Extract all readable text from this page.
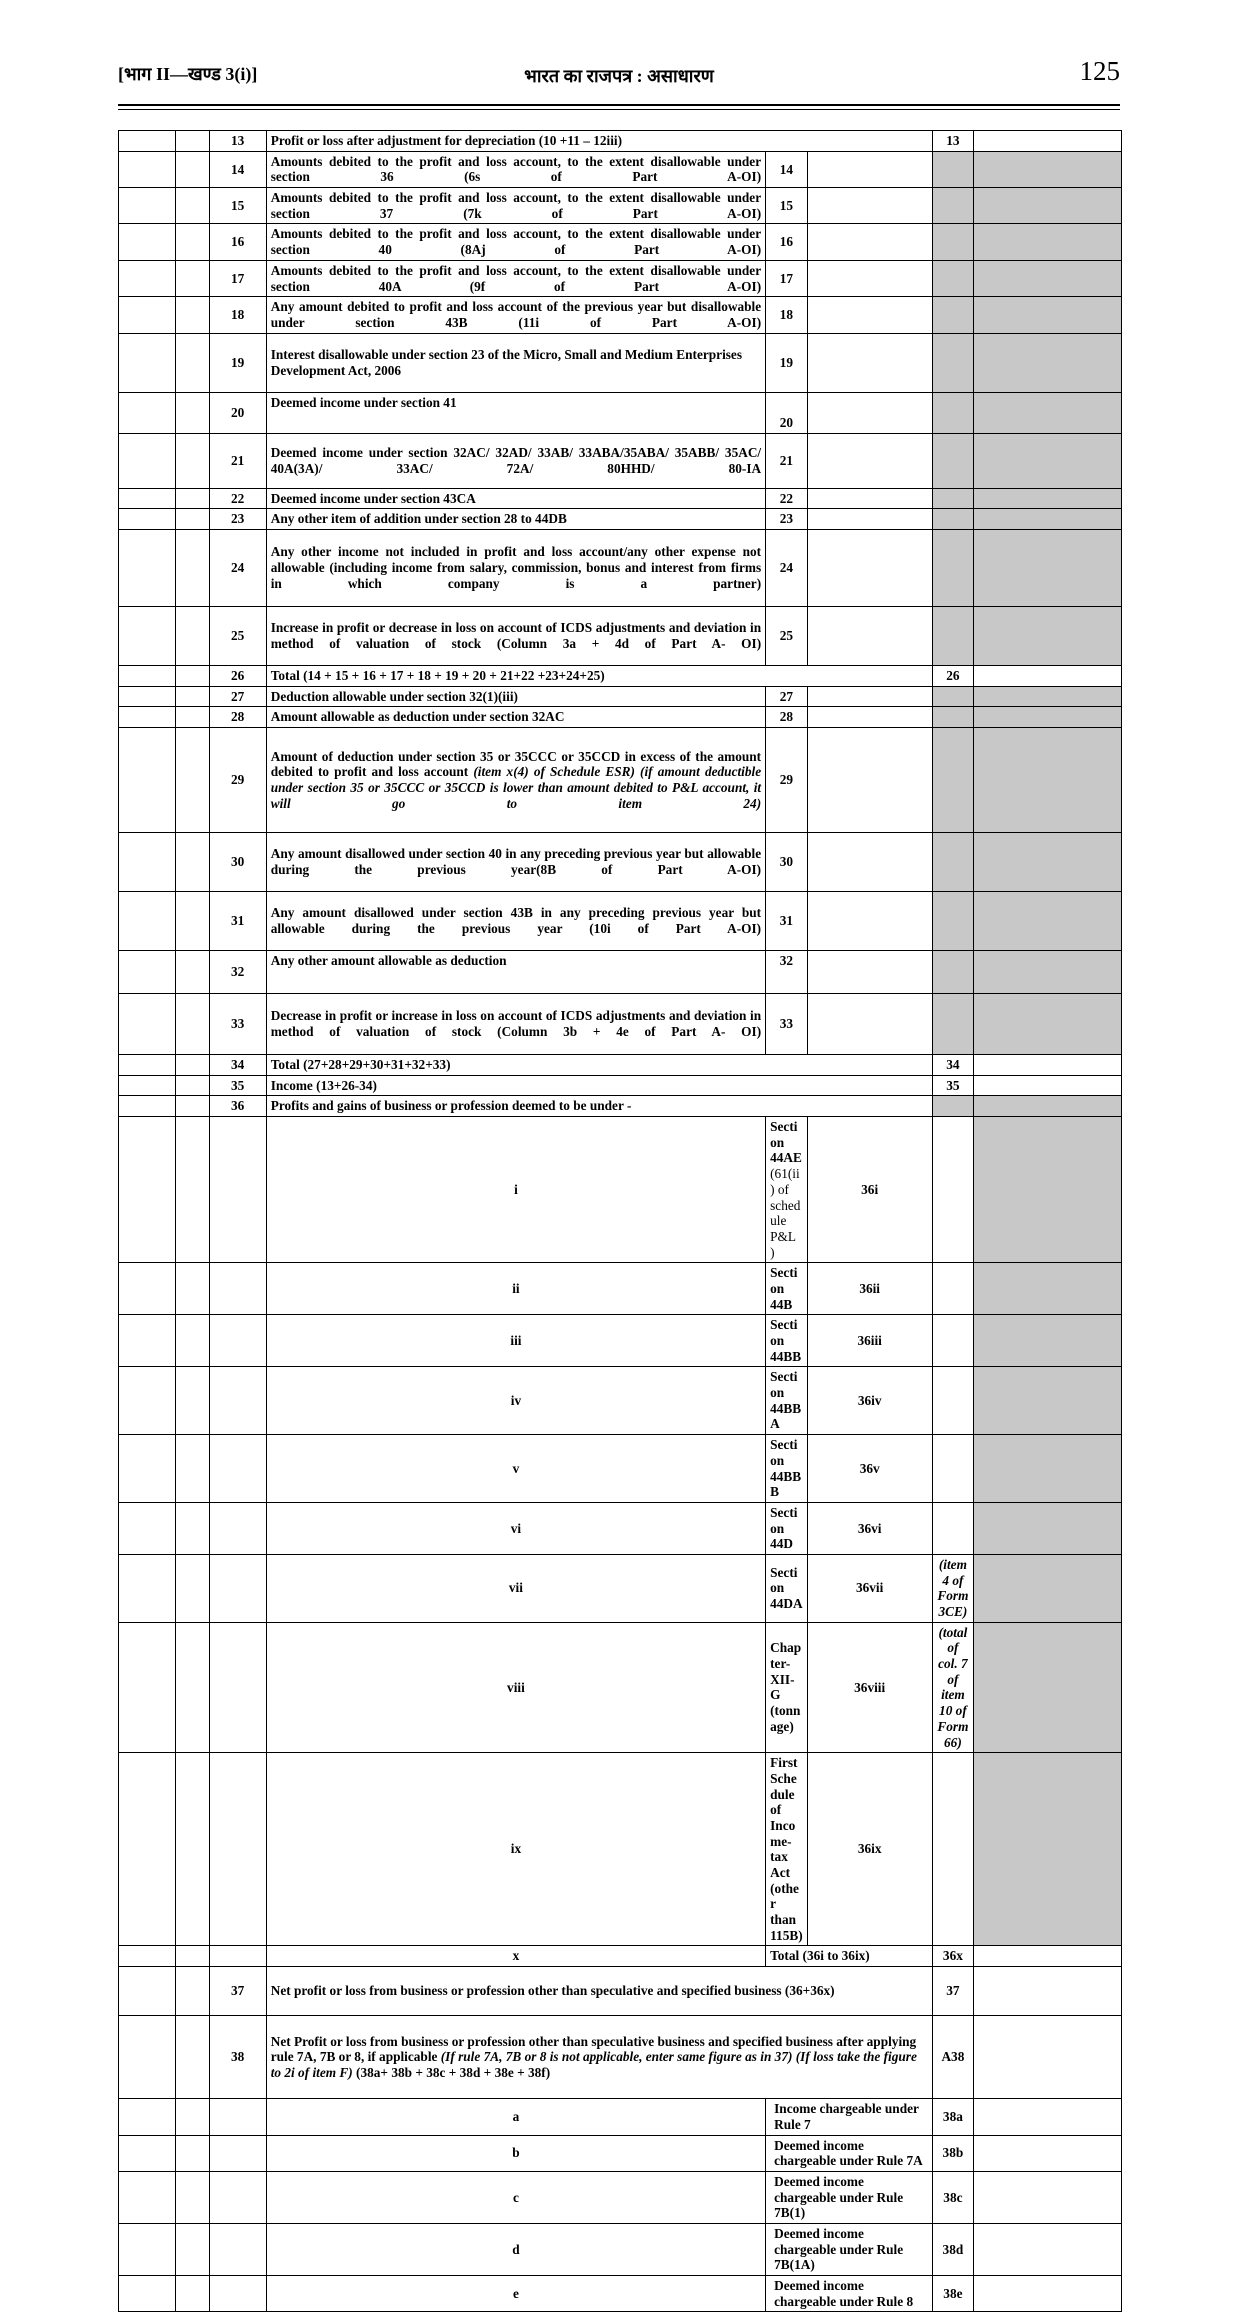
[भाग II—खण्ड 3(i)]	भारत का राजपत्र : असाधारण	125
		13	Profit or loss after adjustment for depreciation (10 +11 – 12iii)			13	
		14	Amounts debited to the profit and loss account, to the extent disallowable under section 36 (6s of Part A-OI)	14			
		15	Amounts debited to the profit and loss account, to the extent disallowable under section 37 (7k of Part A-OI)	15			
		16	Amounts debited to the profit and loss account, to the extent disallowable under section 40 (8Aj of Part A-OI)	16			
		17	Amounts debited to the profit and loss account, to the extent disallowable under section 40A (9f of Part A-OI)	17			
		18	Any amount debited to profit and loss account of the previous year but disallowable under section 43B (11i of Part A-OI)	18			
		19	Interest disallowable under section 23 of the Micro, Small and Medium Enterprises Development Act, 2006	19			
		20	Deemed income under section 41	20			
		21	Deemed income under section 32AC/ 32AD/ 33AB/ 33ABA/35ABA/ 35ABB/ 35AC/ 40A(3A)/ 33AC/ 72A/ 80HHD/ 80-IA	21			
		22	Deemed income under section 43CA	22			
		23	Any other item of addition under section 28 to 44DB	23			
		24	Any other income not included in profit and loss account/any other expense not allowable (including income from salary, commission, bonus and interest from firms in which company is a partner)	24			
		25	Increase in profit or decrease in loss on account of ICDS adjustments and deviation in method of valuation of stock (Column 3a + 4d of Part A- OI)	25			
		26	Total (14 + 15 + 16 + 17 + 18 + 19 + 20 + 21+22 +23+24+25)			26	
		27	Deduction allowable under section 32(1)(iii)	27			
		28	Amount allowable as deduction under section 32AC	28			
		29	Amount of deduction under section 35 or 35CCC or 35CCD in excess of the amount debited to profit and loss account (item x(4) of Schedule ESR) (if amount deductible under section 35 or 35CCC or 35CCD is lower than amount debited to P&L account, it will go to item 24)	29			
		30	Any amount disallowed under section 40 in any preceding previous year but allowable during the previous year(8B of Part A-OI)	30			
		31	Any amount disallowed under section 43B in any preceding previous year but allowable during the previous year (10i of Part A-OI)	31			
		32	Any other amount allowable as deduction	32			
		33	Decrease in profit or increase in loss on account of ICDS adjustments and deviation in method of valuation of stock (Column 3b + 4e of Part A- OI)	33			
		34	Total (27+28+29+30+31+32+33)			34	
		35	Income (13+26-34)			35	
		36	Profits and gains of business or profession deemed to be under -				
			i	Section 44AE (61(ii) of schedule P&L )	36i		
			ii	Section 44B	36ii		
			iii	Section 44BB	36iii		
			iv	Section 44BBA	36iv		
			v	Section 44BBB	36v		
			vi	Section 44D	36vi		
			vii	Section 44DA	36vii	(item 4 of Form 3CE)	
			viii	Chapter-XII-G (tonnage)	36viii	(total of col. 7 of item 10 of Form 66)	
			ix	First Schedule of Income-tax Act (other than 115B)	36ix		
			x	Total (36i to 36ix)		36x	
		37	Net profit or loss from business or profession other than speculative and specified business (36+36x)			37	
		38	Net Profit or loss from business or profession other than speculative business and specified business after applying rule 7A, 7B or 8, if applicable (If rule 7A, 7B or 8 is not applicable, enter same figure as in 37) (If loss take the figure to 2i of item F) (38a+ 38b + 38c + 38d + 38e + 38f)			A38	
			a	Income chargeable under Rule 7		38a	
			b	Deemed income chargeable under Rule 7A		38b	
			c	Deemed income chargeable under Rule 7B(1)		38c	
			d	Deemed income chargeable under Rule 7B(1A)		38d	
			e	Deemed income chargeable under Rule 8		38e	
